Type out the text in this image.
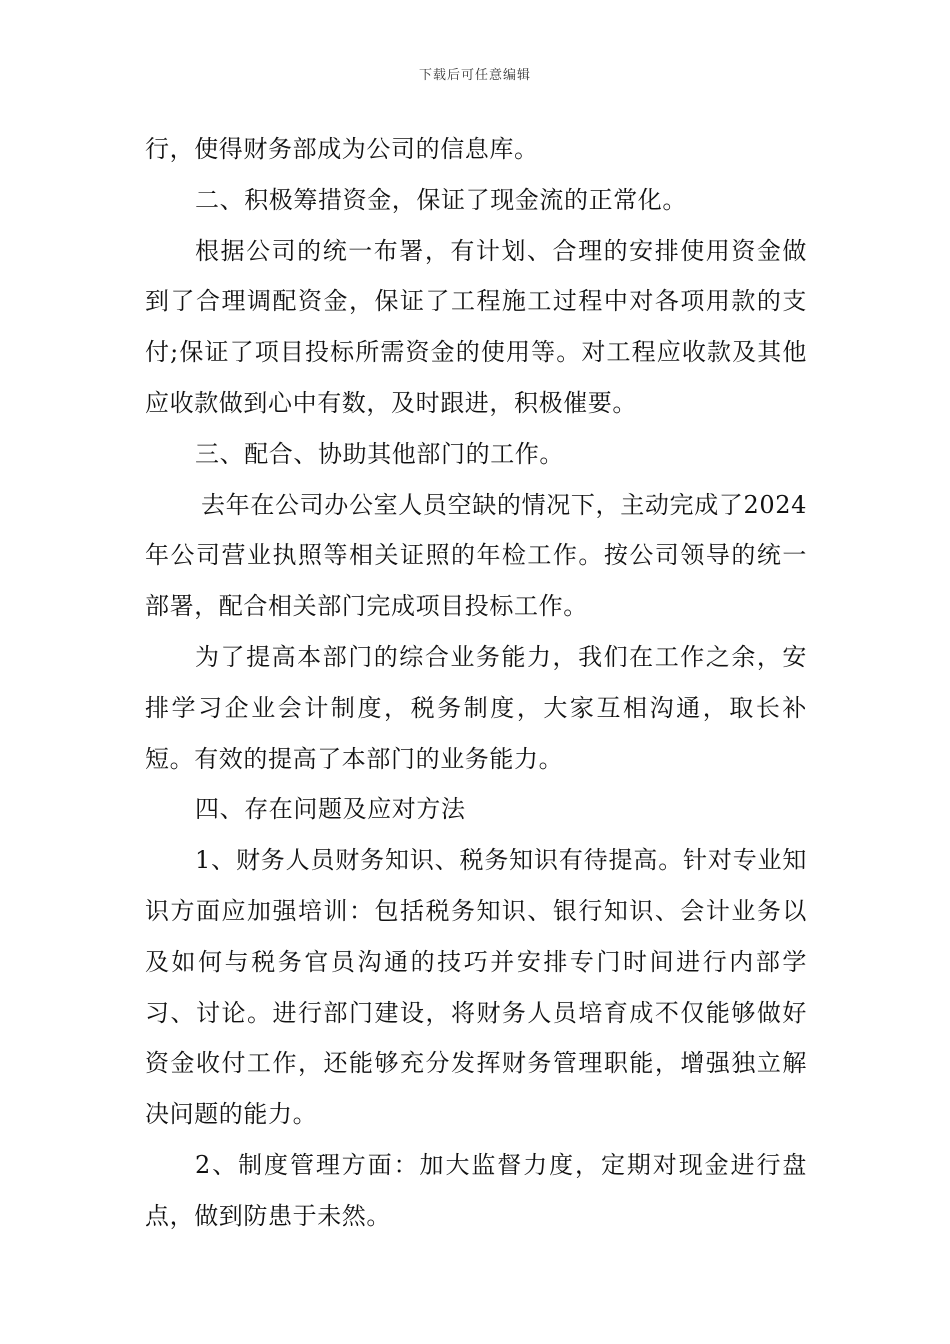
下载后可任意编辑

行，使得财务部成为公司的信息库。

二、积极筹措资金，保证了现金流的正常化。

根据公司的统一布署，有计划、合理的安排使用资金做到了合理调配资金，保证了工程施工过程中对各项用款的支付;保证了项目投标所需资金的使用等。对工程应收款及其他应收款做到心中有数，及时跟进，积极催要。

三、配合、协助其他部门的工作。

去年在公司办公室人员空缺的情况下，主动完成了2024年公司营业执照等相关证照的年检工作。按公司领导的统一部署，配合相关部门完成项目投标工作。

为了提高本部门的综合业务能力，我们在工作之余，安排学习企业会计制度，税务制度，大家互相沟通，取长补短。有效的提高了本部门的业务能力。

四、存在问题及应对方法

1、财务人员财务知识、税务知识有待提高。针对专业知识方面应加强培训：包括税务知识、银行知识、会计业务以及如何与税务官员沟通的技巧并安排专门时间进行内部学习、讨论。进行部门建设，将财务人员培育成不仅能够做好资金收付工作，还能够充分发挥财务管理职能，增强独立解决问题的能力。

2、制度管理方面：加大监督力度，定期对现金进行盘点，做到防患于未然。
